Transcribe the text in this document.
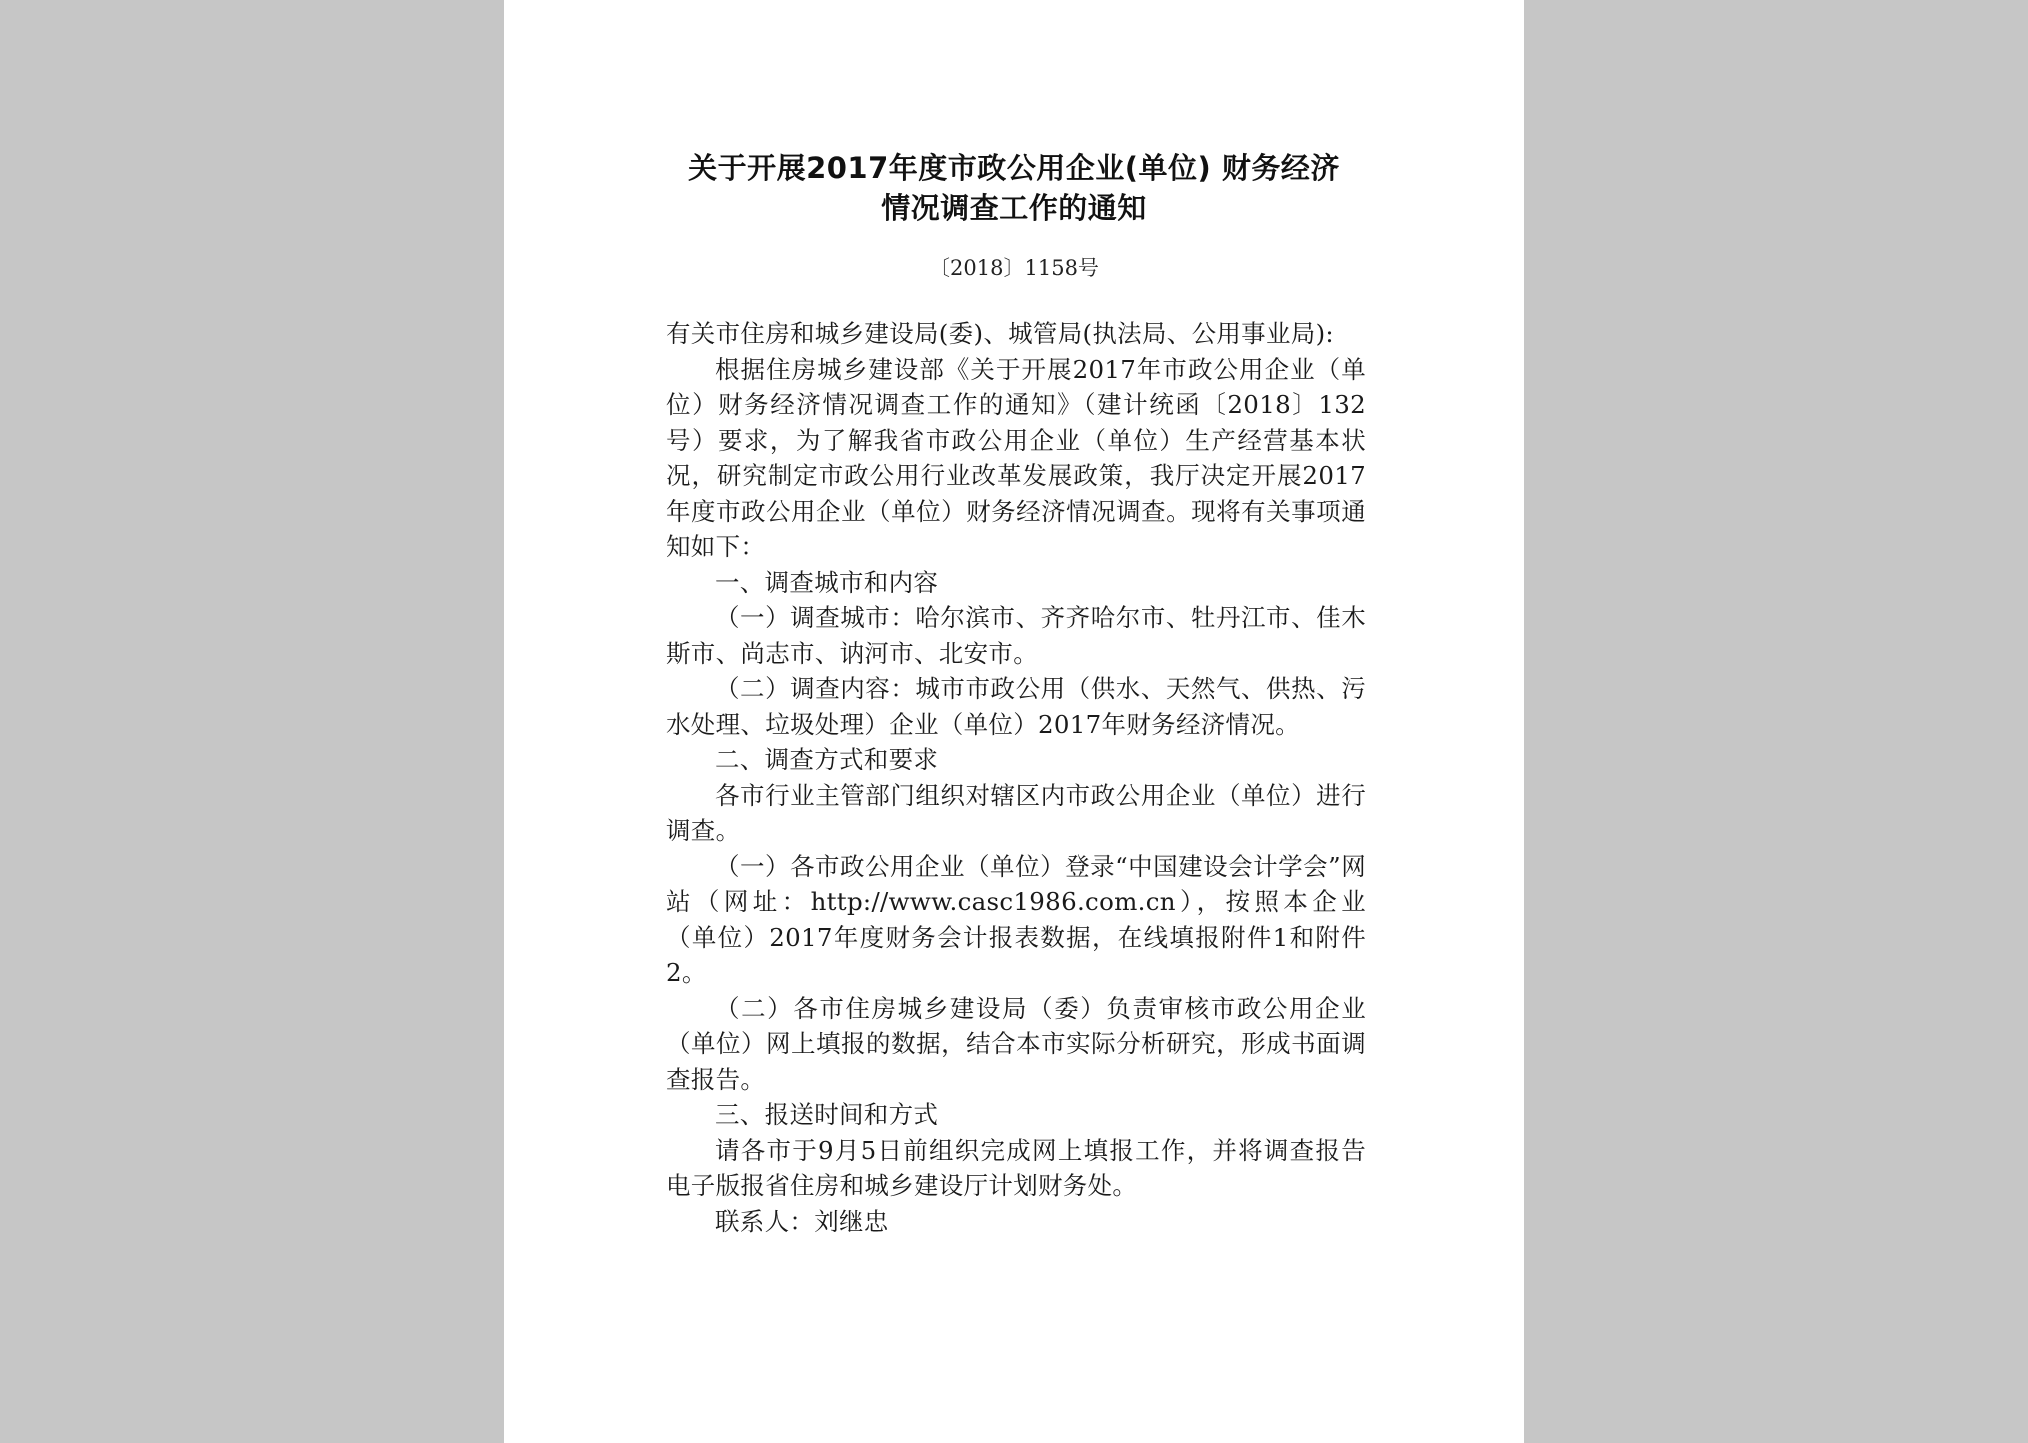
关于开展2017年度市政公用企业(单位) 财务经济
情况调查工作的通知
〔2018〕1158号

有关市住房和城乡建设局(委)、城管局(执法局、公用事业局):

根据住房城乡建设部《关于开展2017年市政公用企业（单位）财务经济情况调查工作的通知》（建计统函〔2018〕132 号）要求，为了解我省市政公用企业（单位）生产经营基本状况，研究制定市政公用行业改革发展政策，我厅决定开展2017年度市政公用企业（单位）财务经济情况调查。现将有关事项通知如下：

一、调查城市和内容

（一）调查城市：哈尔滨市、齐齐哈尔市、牡丹江市、佳木斯市、尚志市、讷河市、北安市。

（二）调查内容：城市市政公用（供水、天然气、供热、污水处理、垃圾处理）企业（单位）2017年财务经济情况。

二、调查方式和要求

各市行业主管部门组织对辖区内市政公用企业（单位）进行调查。

（一）各市政公用企业（单位）登录“中国建设会计学会”网站（网址：http://www.casc1986.com.cn），按照本企业（单位）2017年度财务会计报表数据，在线填报附件1和附件2。

（二）各市住房城乡建设局（委）负责审核市政公用企业（单位）网上填报的数据，结合本市实际分析研究，形成书面调查报告。

三、报送时间和方式

请各市于9月5日前组织完成网上填报工作，并将调查报告电子版报省住房和城乡建设厅计划财务处。

联系人：刘继忠
